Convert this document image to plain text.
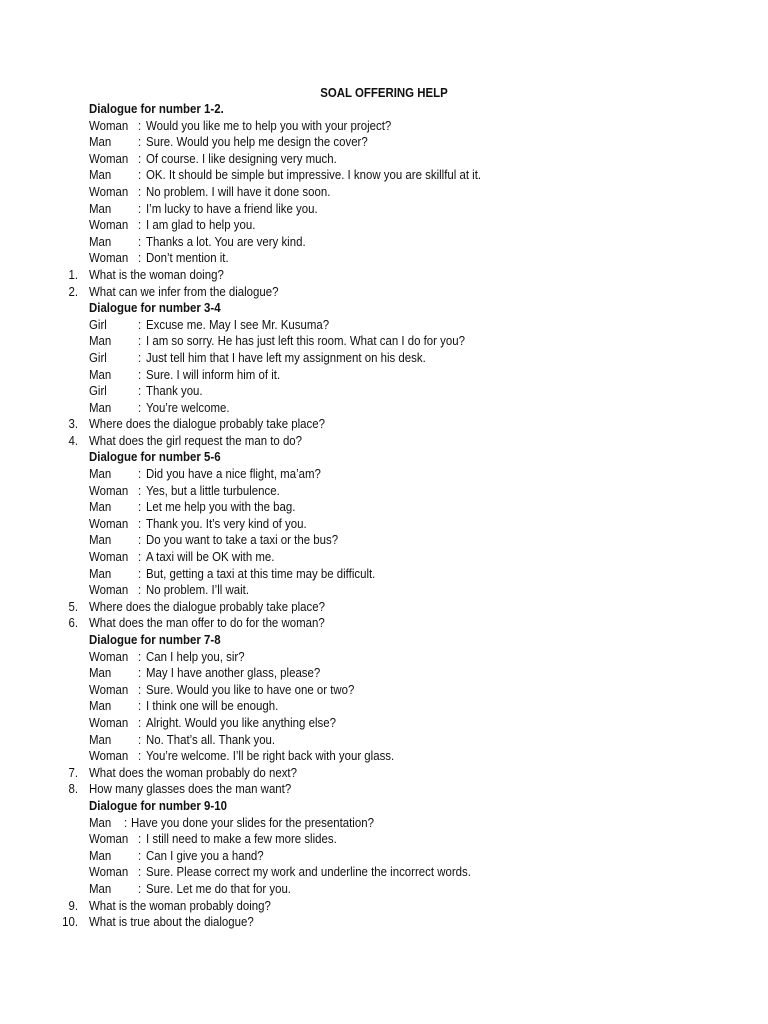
SOAL OFFERING HELP
Dialogue for number 1-2.
Woman : Would you like me to help you with your project?
Man : Sure. Would you help me design the cover?
Woman : Of course. I like designing very much.
Man : OK. It should be simple but impressive. I know you are skillful at it.
Woman : No problem. I will have it done soon.
Man : I’m lucky to have a friend like you.
Woman : I am glad to help you.
Man : Thanks a lot. You are very kind.
Woman : Don’t mention it.
1. What is the woman doing?
2. What can we infer from the dialogue?
Dialogue for number 3-4
Girl : Excuse me. May I see Mr. Kusuma?
Man : I am so sorry. He has just left this room. What can I do for you?
Girl : Just tell him that I have left my assignment on his desk.
Man : Sure. I will inform him of it.
Girl : Thank you.
Man : You’re welcome.
3. Where does the dialogue probably take place?
4. What does the girl request the man to do?
Dialogue for number 5-6
Man : Did you have a nice flight, ma’am?
Woman : Yes, but a little turbulence.
Man : Let me help you with the bag.
Woman : Thank you. It’s very kind of you.
Man : Do you want to take a taxi or the bus?
Woman : A taxi will be OK with me.
Man : But, getting a taxi at this time may be difficult.
Woman : No problem. I’ll wait.
5. Where does the dialogue probably take place?
6. What does the man offer to do for the woman?
Dialogue for number 7-8
Woman : Can I help you, sir?
Man : May I have another glass, please?
Woman : Sure. Would you like to have one or two?
Man : I think one will be enough.
Woman : Alright. Would you like anything else?
Man : No. That’s all. Thank you.
Woman : You’re welcome. I’ll be right back with your glass.
7. What does the woman probably do next?
8. How many glasses does the man want?
Dialogue for number 9-10
Man : Have you done your slides for the presentation?
Woman : I still need to make a few more slides.
Man : Can I give you a hand?
Woman : Sure. Please correct my work and underline the incorrect words.
Man : Sure. Let me do that for you.
9. What is the woman probably doing?
10. What is true about the dialogue?
